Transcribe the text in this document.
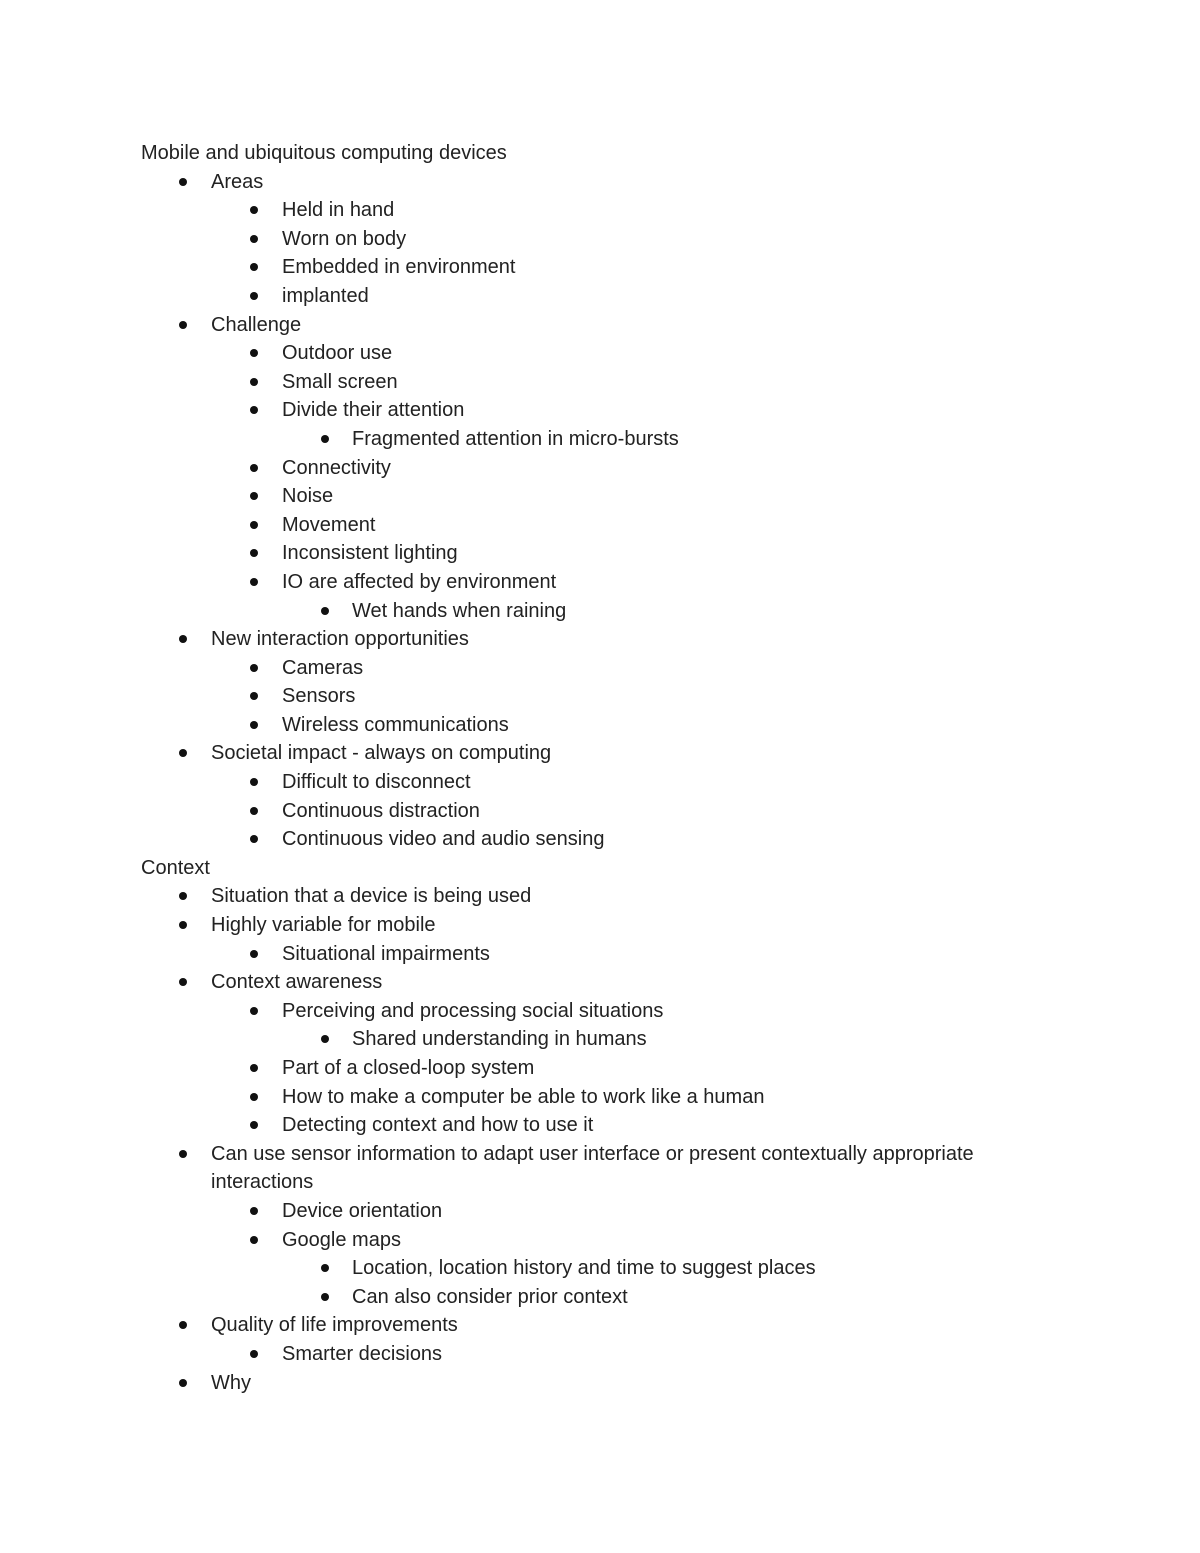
Mobile and ubiquitous computing devices
Areas
Held in hand
Worn on body
Embedded in environment
implanted
Challenge
Outdoor use
Small screen
Divide their attention
Fragmented attention in micro-bursts
Connectivity
Noise
Movement
Inconsistent lighting
IO are affected by environment
Wet hands when raining
New interaction opportunities
Cameras
Sensors
Wireless communications
Societal impact - always on computing
Difficult to disconnect
Continuous distraction
Continuous video and audio sensing
Context
Situation that a device is being used
Highly variable for mobile
Situational impairments
Context awareness
Perceiving and processing social situations
Shared understanding in humans
Part of a closed-loop system
How to make a computer be able to work like a human
Detecting context and how to use it
Can use sensor information to adapt user interface or present contextually appropriate interactions
Device orientation
Google maps
Location, location history and time to suggest places
Can also consider prior context
Quality of life improvements
Smarter decisions
Why
